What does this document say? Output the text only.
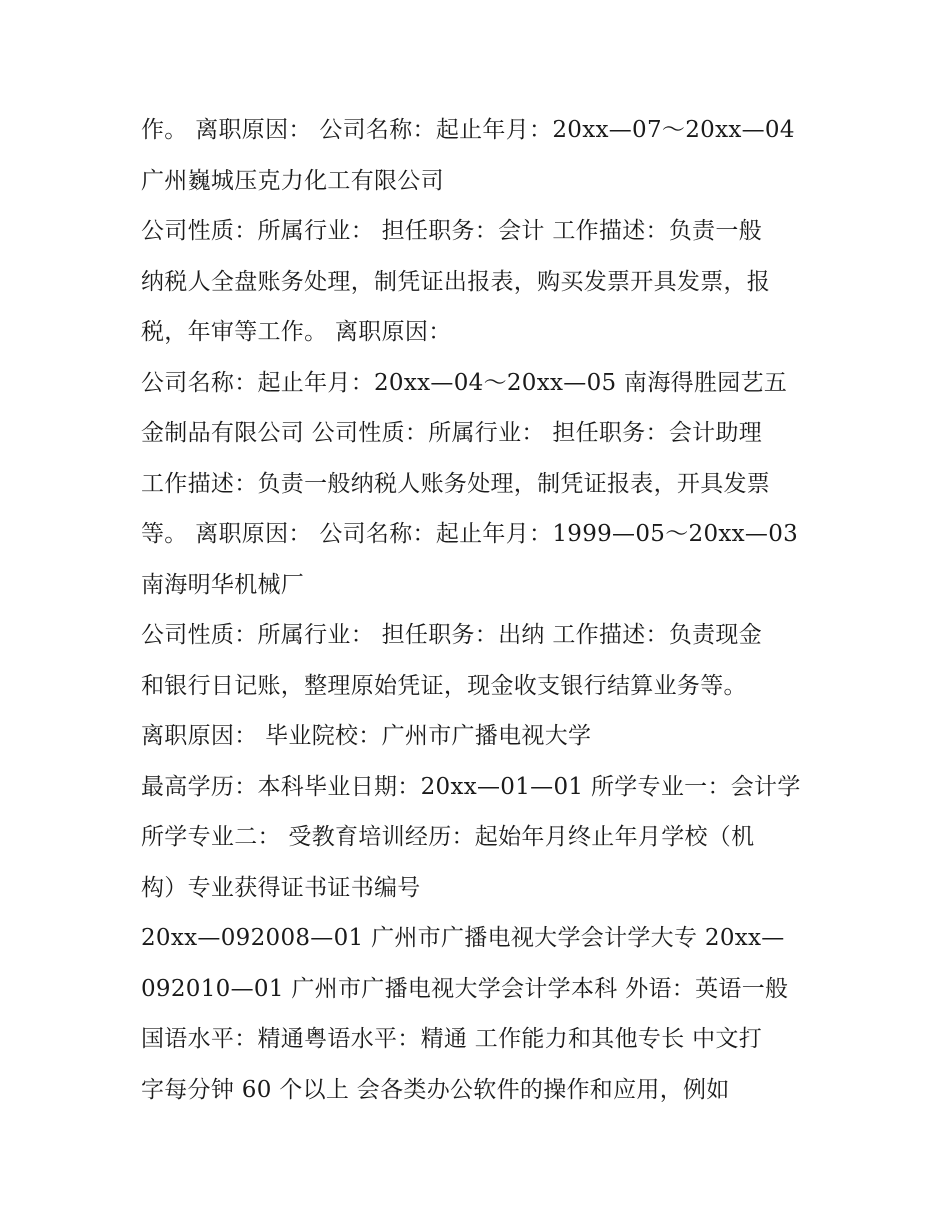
作。 离职原因： 公司名称：起止年月：20xx—07～20xx—04
广州巍城压克力化工有限公司
公司性质：所属行业： 担任职务：会计 工作描述：负责一般
纳税人全盘账务处理，制凭证出报表，购买发票开具发票，报
税，年审等工作。 离职原因：
公司名称：起止年月：20xx—04～20xx—05 南海得胜园艺五
金制品有限公司 公司性质：所属行业： 担任职务：会计助理
工作描述：负责一般纳税人账务处理，制凭证报表，开具发票
等。 离职原因： 公司名称：起止年月：1999—05～20xx—03
南海明华机械厂
公司性质：所属行业： 担任职务：出纳 工作描述：负责现金
和银行日记账，整理原始凭证，现金收支银行结算业务等。
离职原因： 毕业院校：广州市广播电视大学
最高学历：本科毕业日期：20xx—01—01 所学专业一：会计学
所学专业二： 受教育培训经历：起始年月终止年月学校（机
构）专业获得证书证书编号
20xx—092008—01 广州市广播电视大学会计学大专 20xx—
092010—01 广州市广播电视大学会计学本科 外语：英语一般
国语水平：精通粤语水平：精通 工作能力和其他专长 中文打
字每分钟 60 个以上 会各类办公软件的操作和应用，例如
